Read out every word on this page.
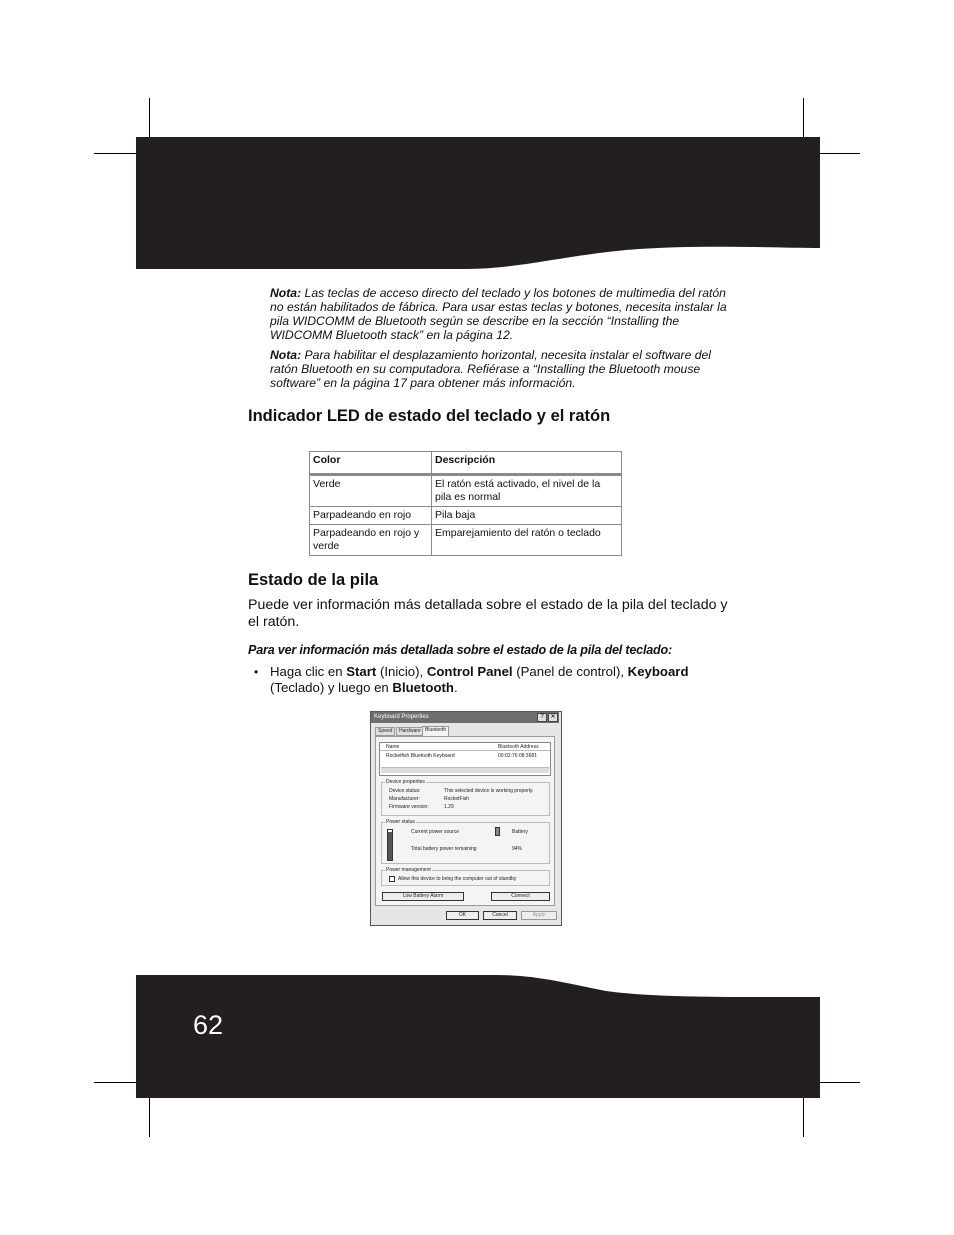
62
Nota: Las teclas de acceso directo del teclado y los botones de multimedia del ratón no están habilitados de fábrica. Para usar estas teclas y botones, necesita instalar la pila WIDCOMM de Bluetooth según se describe en la sección “Installing the WIDCOMM Bluetooth stack” en la página 12.
Nota: Para habilitar el desplazamiento horizontal, necesita instalar el software del ratón Bluetooth en su computadora. Refiérase a “Installing the Bluetooth mouse software” en la página 17 para obtener más información.
Indicador LED de estado del teclado y el ratón
Color	Descripción
Verde	El ratón está activado, el nivel de la pila es normal
Parpadeando en rojo	Pila baja
Parpadeando en rojo y verde	Emparejamiento del ratón o teclado
Estado de la pila
Puede ver información más detallada sobre el estado de la pila del teclado y el ratón.
Para ver información más detallada sobre el estado de la pila del teclado:
• Haga clic en Start (Inicio), Control Panel (Panel de control), Keyboard (Teclado) y luego en Bluetooth.
Keyboard Properties	?	✕
Speed	Hardware Bluetooth
Name	Bluetooth Address
Rocketfish Bluetooth Keyboard	00:02:76:08:3681
Device properties
Device status:	This selected device is working properly.
Manufacturer:	RocketFish
Firmware version:	1.29
Power status
Current power source	Battery
Total battery power remaining	94%
Power management
Allow this device to bring the computer out of standby
Low Battery Alarm	Connect
OK	Cancel	Apply
